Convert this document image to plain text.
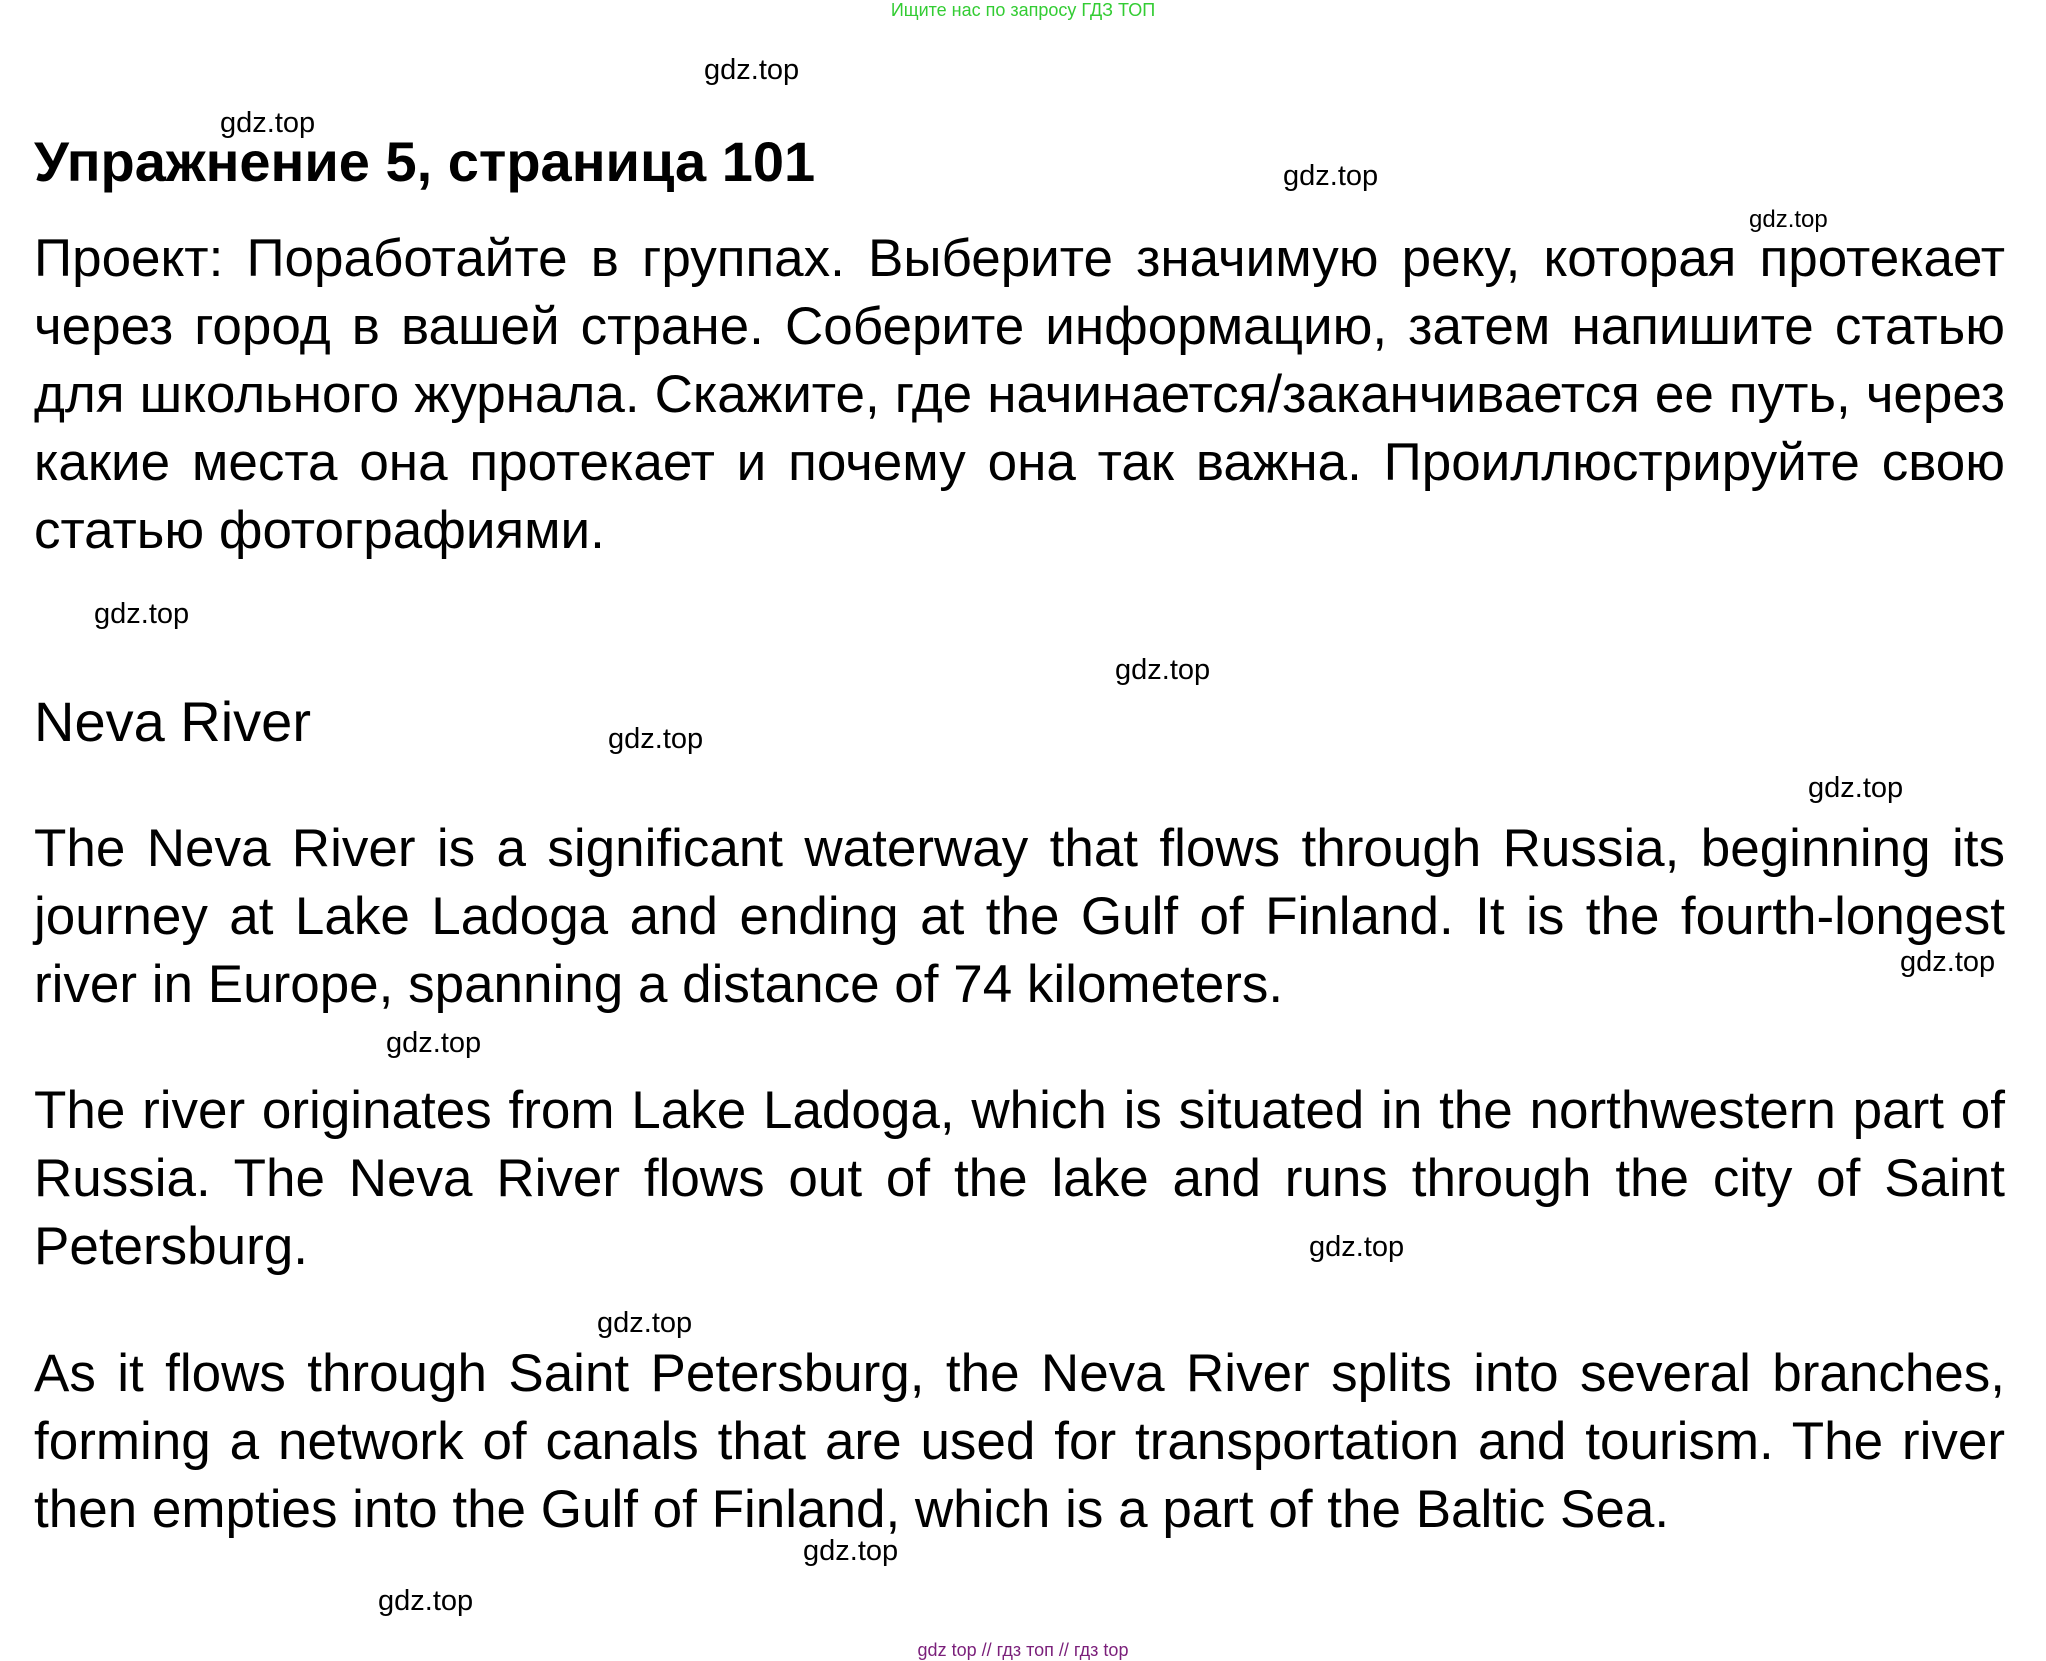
Ищите нас по запросу ГДЗ ТОП
Упражнение 5, страница 101

Проект: Поработайте в группах. Выберите значимую реку, которая протекает через город в вашей стране. Соберите информацию, затем напишите статью для школьного журнала. Скажите, где начинается/заканчивается ее путь, через какие места она протекает и почему она так важна. Проиллюстрируйте свою статью фотографиями.

Neva River

The Neva River is a significant waterway that flows through Russia, beginning its journey at Lake Ladoga and ending at the Gulf of Finland. It is the fourth-longest river in Europe, spanning a distance of 74 kilometers.

The river originates from Lake Ladoga, which is situated in the northwestern part of Russia. The Neva River flows out of the lake and runs through the city of Saint Petersburg.

As it flows through Saint Petersburg, the Neva River splits into several branches, forming a network of canals that are used for transportation and tourism. The river then empties into the Gulf of Finland, which is a part of the Baltic Sea.

gdz.top
gdz.top
gdz.top
gdz.top
gdz.top
gdz.top
gdz.top
gdz.top
gdz.top
gdz.top
gdz.top
gdz.top
gdz.top
gdz.top
gdz top // гдз топ // гдз top
